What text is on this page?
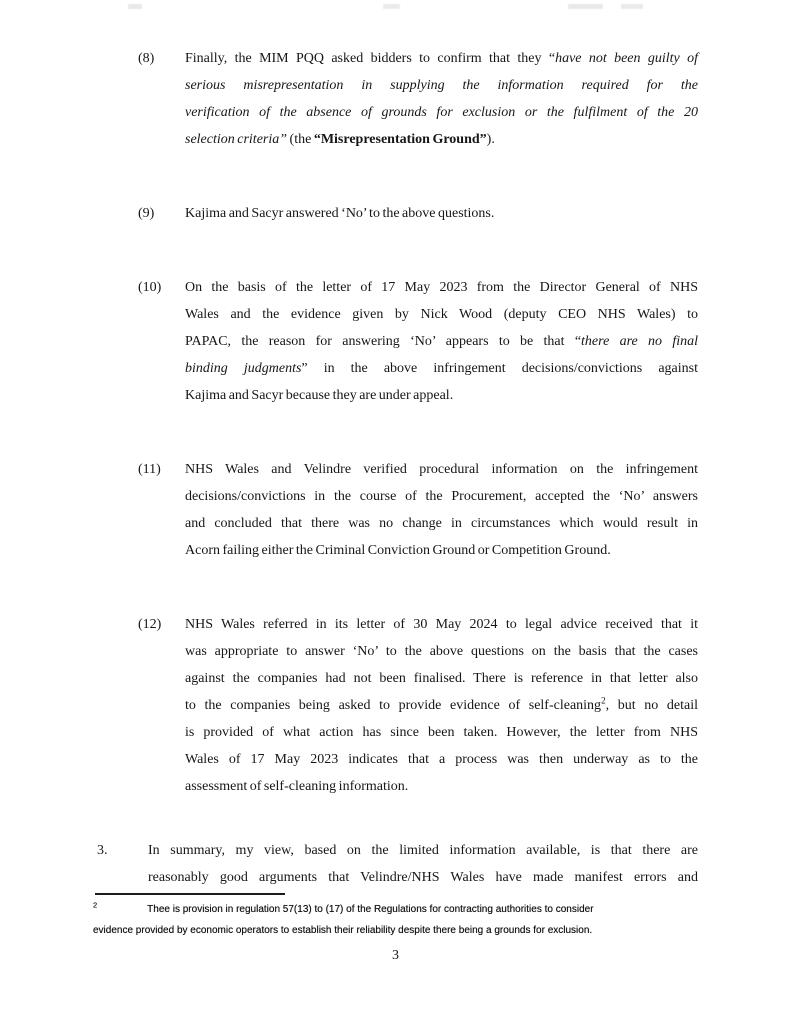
(8)	Finally, the MIM PQQ asked bidders to confirm that they “have not been guilty of
serious misrepresentation in supplying the information required for the
verification of the absence of grounds for exclusion or the fulfilment of the 20
selection criteria” (the “Misrepresentation Ground”).
(9)	Kajima and Sacyr answered ‘No’ to the above questions.
(10)	On the basis of the letter of 17 May 2023 from the Director General of NHS
Wales and the evidence given by Nick Wood (deputy CEO NHS Wales) to
PAPAC, the reason for answering ‘No’ appears to be that “there are no final
binding judgments” in the above infringement decisions/convictions against
Kajima and Sacyr because they are under appeal.
(11)	NHS Wales and Velindre verified procedural information on the infringement
decisions/convictions in the course of the Procurement, accepted the ‘No’ answers
and concluded that there was no change in circumstances which would result in
Acorn failing either the Criminal Conviction Ground or Competition Ground.
(12)	NHS Wales referred in its letter of 30 May 2024 to legal advice received that it
was appropriate to answer ‘No’ to the above questions on the basis that the cases
against the companies had not been finalised. There is reference in that letter also
to the companies being asked to provide evidence of self-cleaning$^2$, but no detail
is provided of what action has since been taken. However, the letter from NHS
Wales of 17 May 2023 indicates that a process was then underway as to the
assessment of self-cleaning information.
3.	In summary, my view, based on the limited information available, is that there are
reasonably good arguments that Velindre/NHS Wales have made manifest errors and
$^2$	Thee is provision in regulation 57(13) to (17) of the Regulations for contracting authorities to consider
evidence provided by economic operators to establish their reliability despite there being a grounds for exclusion.
3
